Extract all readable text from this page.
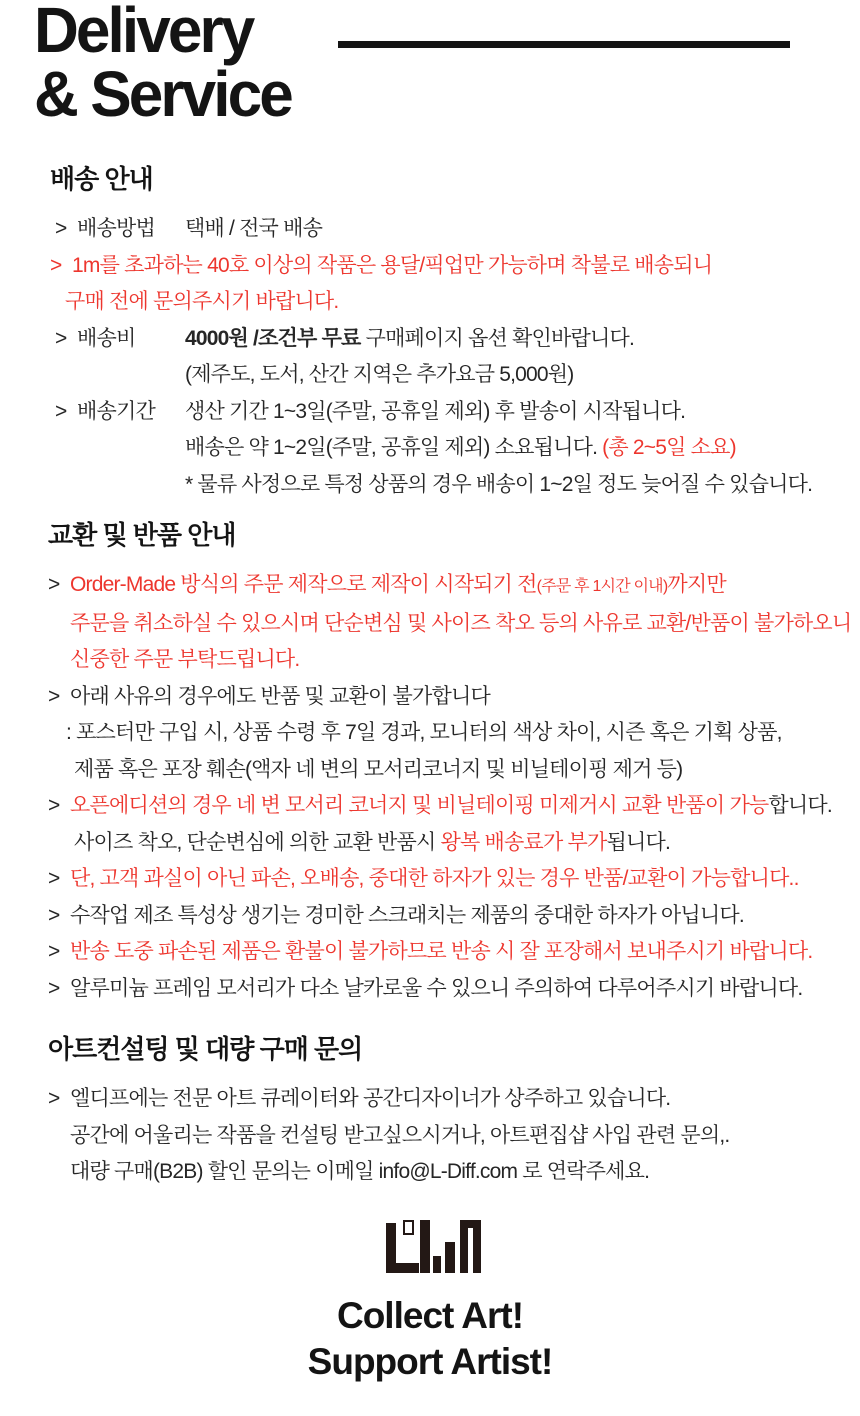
Delivery
& Service
배송 안내
> 배송방법	택배 / 전국 배송
> 1m를 초과하는 40호 이상의 작품은 용달/픽업만 가능하며 착불로 배송되니
구매 전에 문의주시기 바랍니다.
> 배송비	4000원 /조건부 무료 구매페이지 옵션 확인바랍니다.
(제주도, 도서, 산간 지역은 추가요금 5,000원)
> 배송기간	생산 기간 1~3일(주말, 공휴일 제외) 후 발송이 시작됩니다.
배송은 약 1~2일(주말, 공휴일 제외) 소요됩니다. (총 2~5일 소요)
* 물류 사정으로 특정 상품의 경우 배송이 1~2일 정도 늦어질 수 있습니다.
교환 및 반품 안내
> Order-Made 방식의 주문 제작으로 제작이 시작되기 전(주문 후 1시간 이내)까지만
주문을 취소하실 수 있으시며 단순변심 및 사이즈 착오 등의 사유로 교환/반품이 불가하오니
신중한 주문 부탁드립니다.
> 아래 사유의 경우에도 반품 및 교환이 불가합니다
: 포스터만 구입 시, 상품 수령 후 7일 경과, 모니터의 색상 차이, 시즌 혹은 기획 상품,
제품 혹은 포장 훼손(액자 네 변의 모서리코너지 및 비닐테이핑 제거 등)
> 오픈에디션의 경우 네 변 모서리 코너지 및 비닐테이핑 미제거시 교환 반품이 가능합니다.
사이즈 착오, 단순변심에 의한 교환 반품시 왕복 배송료가 부가됩니다.
> 단, 고객 과실이 아닌 파손, 오배송, 중대한 하자가 있는 경우 반품/교환이 가능합니다..
> 수작업 제조 특성상 생기는 경미한 스크래치는 제품의 중대한 하자가 아닙니다.
> 반송 도중 파손된 제품은 환불이 불가하므로 반송 시 잘 포장해서 보내주시기 바랍니다.
> 알루미늄 프레임 모서리가 다소 날카로울 수 있으니 주의하여 다루어주시기 바랍니다.
아트컨설팅 및 대량 구매 문의
> 엘디프에는 전문 아트 큐레이터와 공간디자이너가 상주하고 있습니다.
공간에 어울리는 작품을 컨설팅 받고싶으시거나, 아트편집샵 사입 관련 문의,.
대량 구매(B2B) 할인 문의는 이메일 info@L-Diff.com 로 연락주세요.
Collect Art!
Support Artist!
